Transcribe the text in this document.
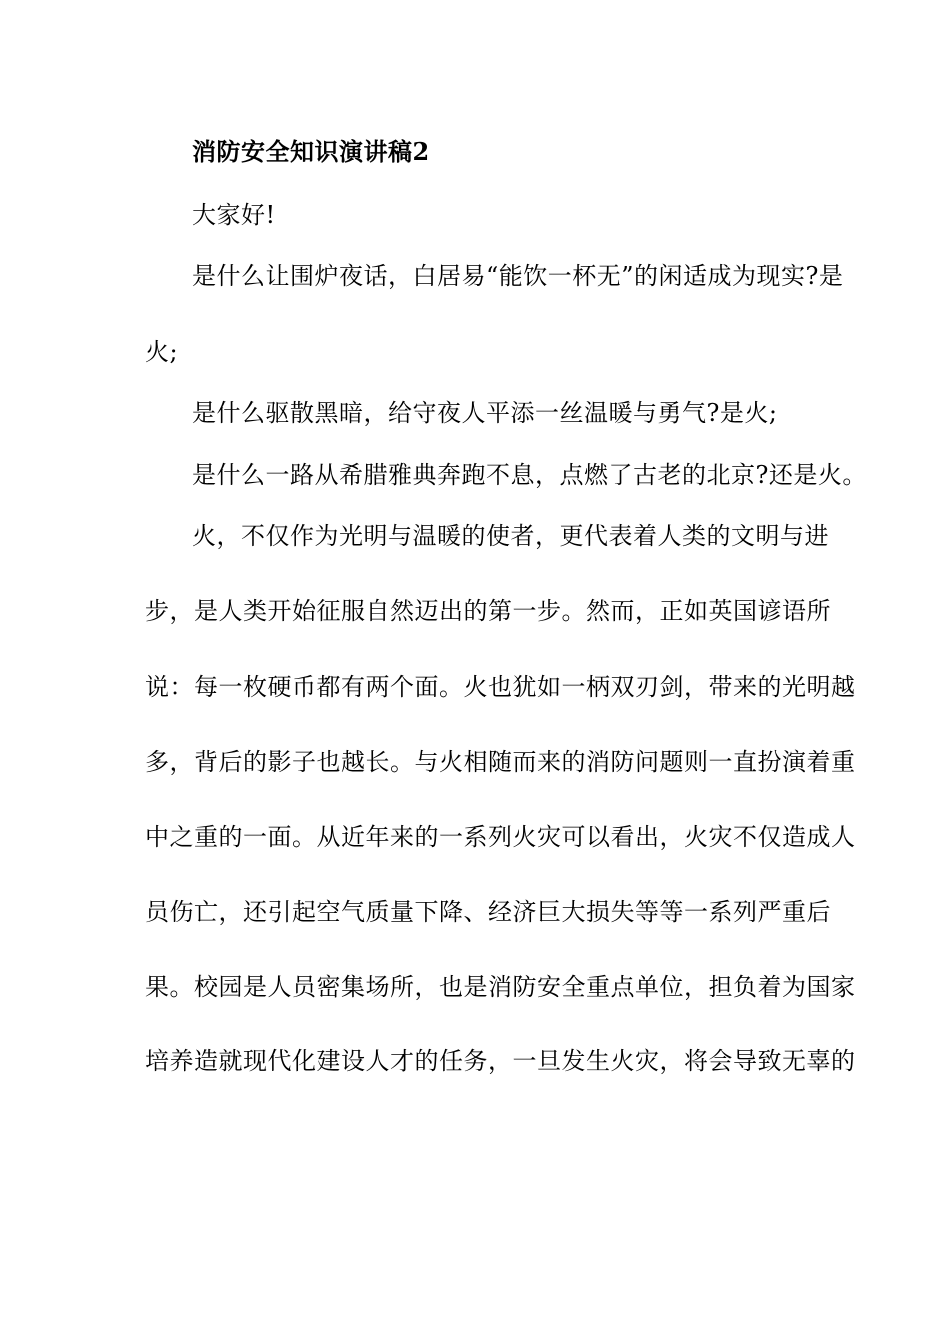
消防安全知识演讲稿2
大家好!
是什么让围炉夜话，白居易“能饮一杯无”的闲适成为现实?是
火;
是什么驱散黑暗，给守夜人平添一丝温暖与勇气?是火;
是什么一路从希腊雅典奔跑不息，点燃了古老的北京?还是火。
火，不仅作为光明与温暖的使者，更代表着人类的文明与进
步，是人类开始征服自然迈出的第一步。然而，正如英国谚语所
说：每一枚硬币都有两个面。火也犹如一柄双刃剑，带来的光明越
多，背后的影子也越长。与火相随而来的消防问题则一直扮演着重
中之重的一面。从近年来的一系列火灾可以看出，火灾不仅造成人
员伤亡，还引起空气质量下降、经济巨大损失等等一系列严重后
果。校园是人员密集场所，也是消防安全重点单位，担负着为国家
培养造就现代化建设人才的任务，一旦发生火灾，将会导致无辜的
